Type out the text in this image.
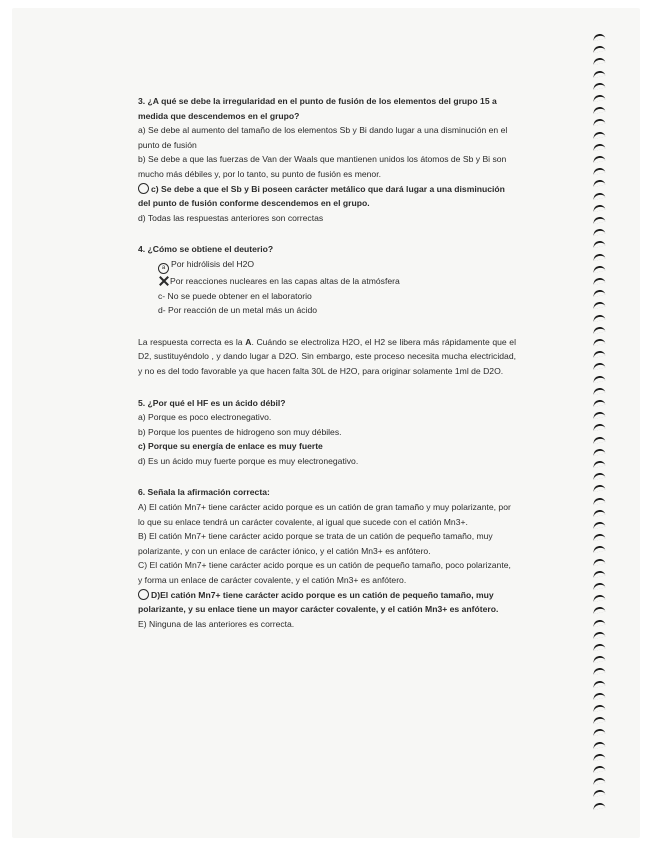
3. ¿A qué se debe la irregularidad en el punto de fusión de los elementos del grupo 15 a medida que descendemos en el grupo?

a) Se debe al aumento del tamaño de los elementos Sb y Bi dando lugar a una disminución en el punto de fusión

b) Se debe a que las fuerzas de Van der Waals que mantienen unidos los átomos de Sb y Bi son mucho más débiles y, por lo tanto, su punto de fusión es menor.

c) Se debe a que el Sb y Bi poseen carácter metálico que dará lugar a una disminución del punto de fusión conforme descendemos en el grupo.

d) Todas las respuestas anteriores son correctas

4. ¿Cómo se obtiene el deuterio?

a Por hidrólisis del H2O

Por reacciones nucleares en las capas altas de la atmósfera

c- No se puede obtener en el laboratorio

d- Por reacción de un metal más un ácido

La respuesta correcta es la A. Cuándo se electroliza H2O, el H2 se libera más rápidamente que el D2, sustituyéndolo , y dando lugar a D2O. Sin embargo, este proceso necesita mucha electricidad, y no es del todo favorable ya que hacen falta 30L de H2O, para originar solamente 1ml de D2O.

5. ¿Por qué el HF es un ácido débil?

a) Porque es poco electronegativo.

b) Porque los puentes de hidrogeno son muy débiles.

c) Porque su energía de enlace es muy fuerte

d) Es un ácido muy fuerte porque es muy electronegativo.

6. Señala la afirmación correcta:

A) El catión Mn7+ tiene carácter acido porque es un catión de gran tamaño y muy polarizante, por lo que su enlace tendrá un carácter covalente, al igual que sucede con el catión Mn3+.

B) El catión Mn7+ tiene carácter acido porque se trata de un catión de pequeño tamaño, muy polarizante, y con un enlace de carácter iónico, y el catión Mn3+ es anfótero.

C) El catión Mn7+ tiene carácter acido porque es un catión de pequeño tamaño, poco polarizante, y forma un enlace de carácter covalente, y el catión Mn3+ es anfótero.

D)El catión Mn7+ tiene carácter acido porque es un catión de pequeño tamaño, muy polarizante, y su enlace tiene un mayor carácter covalente, y el catión Mn3+ es anfótero.

E) Ninguna de las anteriores es correcta.
